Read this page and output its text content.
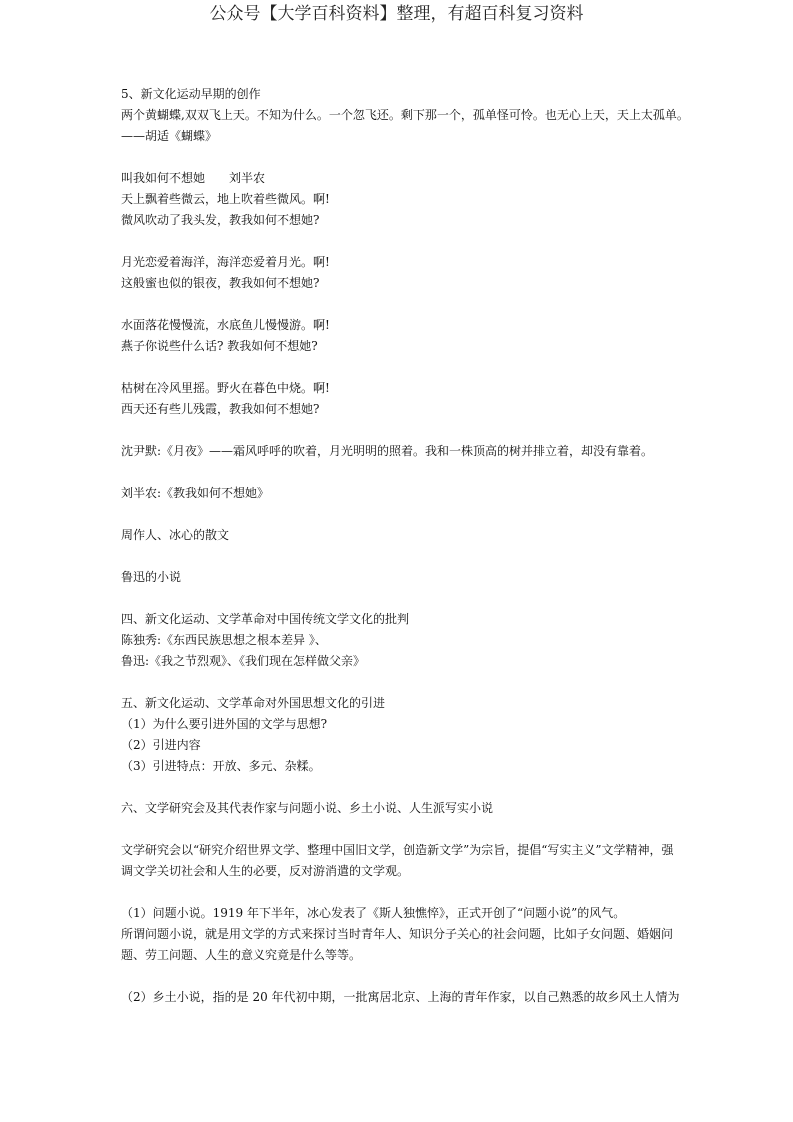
公众号【大学百科资料】整理，有超百科复习资料
5、新文化运动早期的创作
两个黄蝴蝶,双双飞上天。不知为什么。一个忽飞还。剩下那一个，孤单怪可怜。也无心上天，天上太孤单。
——胡适《蝴蝶》
叫我如何不想她　　刘半农
天上飘着些微云，地上吹着些微风。啊!
微风吹动了我头发，教我如何不想她?
月光恋爱着海洋，海洋恋爱着月光。啊!
这般蜜也似的银夜，教我如何不想她?
水面落花慢慢流，水底鱼儿慢慢游。啊!
燕子你说些什么话? 教我如何不想她?
枯树在冷风里摇。野火在暮色中烧。啊!
西天还有些儿残霞，教我如何不想她?
沈尹默:《月夜》——霜风呼呼的吹着，月光明明的照着。我和一株顶高的树并排立着，却没有靠着。
刘半农:《教我如何不想她》
周作人、冰心的散文
鲁迅的小说
四、新文化运动、文学革命对中国传统文学文化的批判
陈独秀:《东西民族思想之根本差异 》、
鲁迅:《我之节烈观》、《我们现在怎样做父亲》
五、新文化运动、文学革命对外国思想文化的引进
（1）为什么要引进外国的文学与思想?
（2）引进内容
（3）引进特点：开放、多元、杂糅。
六、文学研究会及其代表作家与问题小说、乡土小说、人生派写实小说
文学研究会以“研究介绍世界文学、整理中国旧文学，创造新文学”为宗旨，提倡“写实主义”文学精神，强
调文学关切社会和人生的必要，反对游消遣的文学观。
（1）问题小说。1919 年下半年，冰心发表了《斯人独憔悴》，正式开创了“问题小说”的风气。
所谓问题小说，就是用文学的方式来探讨当时青年人、知识分子关心的社会问题，比如子女问题、婚姻问
题、劳工问题、人生的意义究竟是什么等等。
（2）乡土小说，指的是 20 年代初中期，一批寓居北京、上海的青年作家，以自己熟悉的故乡风土人情为
